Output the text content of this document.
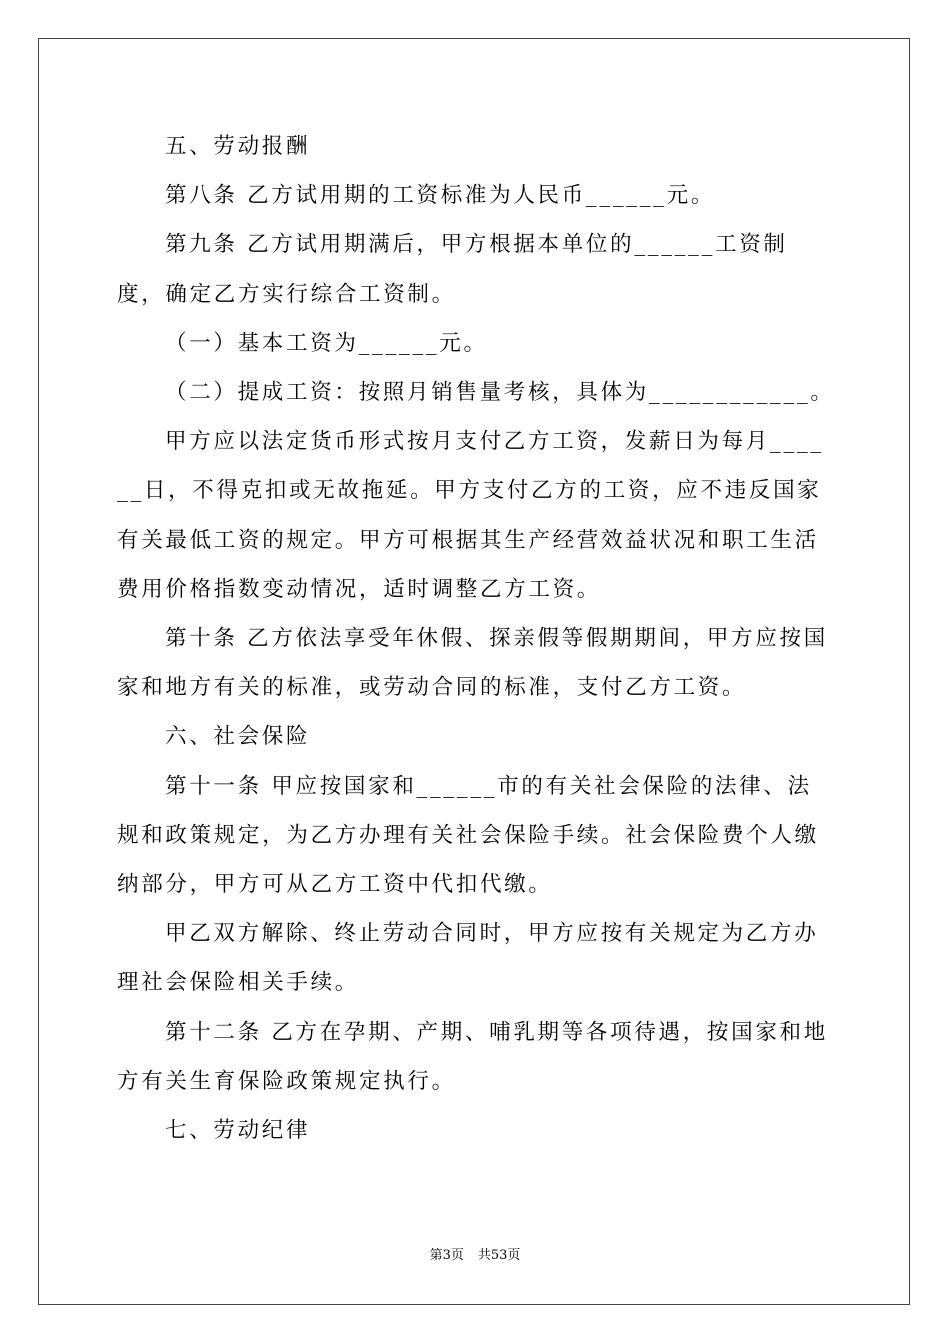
五、劳动报酬

第八条 乙方试用期的工资标准为人民币______元。

第九条 乙方试用期满后，甲方根据本单位的______工资制度，确定乙方实行综合工资制。

（一）基本工资为______元。

（二）提成工资：按照月销售量考核，具体为____________。

甲方应以法定货币形式按月支付乙方工资，发薪日为每月______日，不得克扣或无故拖延。甲方支付乙方的工资，应不违反国家有关最低工资的规定。甲方可根据其生产经营效益状况和职工生活费用价格指数变动情况，适时调整乙方工资。

第十条 乙方依法享受年休假、探亲假等假期期间，甲方应按国家和地方有关的标准，或劳动合同的标准，支付乙方工资。

六、社会保险

第十一条 甲应按国家和______市的有关社会保险的法律、法规和政策规定，为乙方办理有关社会保险手续。社会保险费个人缴纳部分，甲方可从乙方工资中代扣代缴。

甲乙双方解除、终止劳动合同时，甲方应按有关规定为乙方办理社会保险相关手续。

第十二条 乙方在孕期、产期、哺乳期等各项待遇，按国家和地方有关生育保险政策规定执行。

七、劳动纪律

第3页 共53页
